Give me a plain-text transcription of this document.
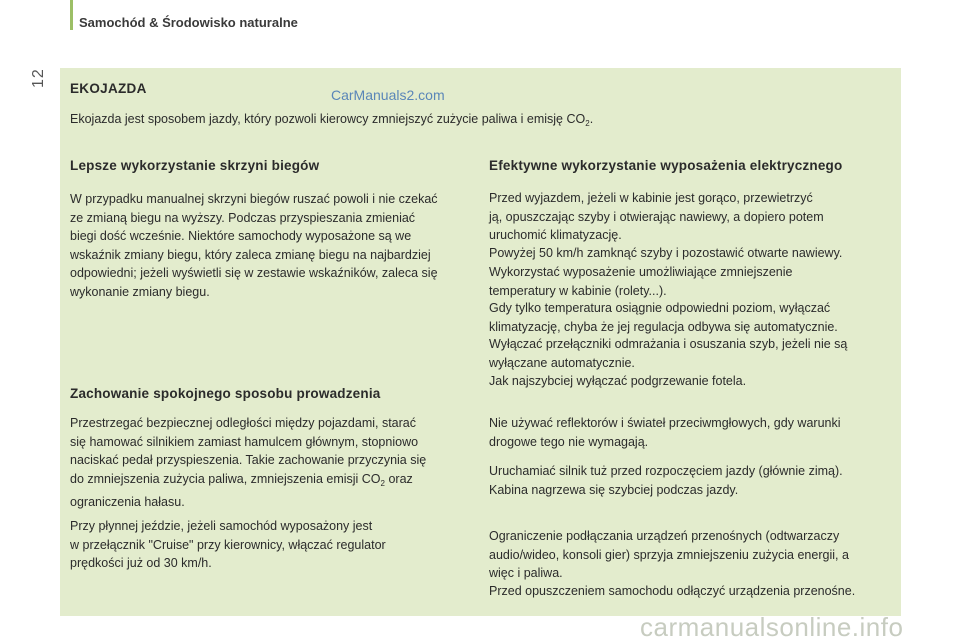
Samochód & Środowisko naturalne
12
EKOJAZDA	CarManuals2.com
Ekojazda jest sposobem jazdy, który pozwoli kierowcy zmniejszyć zużycie paliwa i emisję $CO_2$.
Lepsze wykorzystanie skrzyni biegów
W przypadku manualnej skrzyni biegów ruszać powoli i nie czekać
ze zmianą biegu na wyższy. Podczas przyspieszania zmieniać
biegi dość wcześnie. Niektóre samochody wyposażone są we
wskaźnik zmiany biegu, który zaleca zmianę biegu na najbardziej
odpowiedni; jeżeli wyświetli się w zestawie wskaźników, zaleca się
wykonanie zmiany biegu.
Zachowanie spokojnego sposobu prowadzenia
Przestrzegać bezpiecznej odległości między pojazdami, starać
się hamować silnikiem zamiast hamulcem głównym, stopniowo
naciskać pedał przyspieszenia. Takie zachowanie przyczynia się
do zmniejszenia zużycia paliwa, zmniejszenia emisji $CO_2$ oraz
ograniczenia hałasu.
Przy płynnej jeździe, jeżeli samochód wyposażony jest
w przełącznik "Cruise" przy kierownicy, włączać regulator
prędkości już od 30 km/h.
Efektywne wykorzystanie wyposażenia elektrycznego
Przed wyjazdem, jeżeli w kabinie jest gorąco, przewietrzyć
ją, opuszczając szyby i otwierając nawiewy, a dopiero potem
uruchomić klimatyzację.
Powyżej 50 km/h zamknąć szyby i pozostawić otwarte nawiewy.
Wykorzystać wyposażenie umożliwiające zmniejszenie
temperatury w kabinie (rolety...).
Gdy tylko temperatura osiągnie odpowiedni poziom, wyłączać
klimatyzację, chyba że jej regulacja odbywa się automatycznie.
Wyłączać przełączniki odmrażania i osuszania szyb, jeżeli nie są
wyłączane automatycznie.
Jak najszybciej wyłączać podgrzewanie fotela.
Nie używać reflektorów i świateł przeciwmgłowych, gdy warunki
drogowe tego nie wymagają.
Uruchamiać silnik tuż przed rozpoczęciem jazdy (głównie zimą).
Kabina nagrzewa się szybciej podczas jazdy.
Ograniczenie podłączania urządzeń przenośnych (odtwarzaczy
audio/wideo, konsoli gier) sprzyja zmniejszeniu zużycia energii, a
więc i paliwa.
Przed opuszczeniem samochodu odłączyć urządzenia przenośne.
carmanualsonline.info
